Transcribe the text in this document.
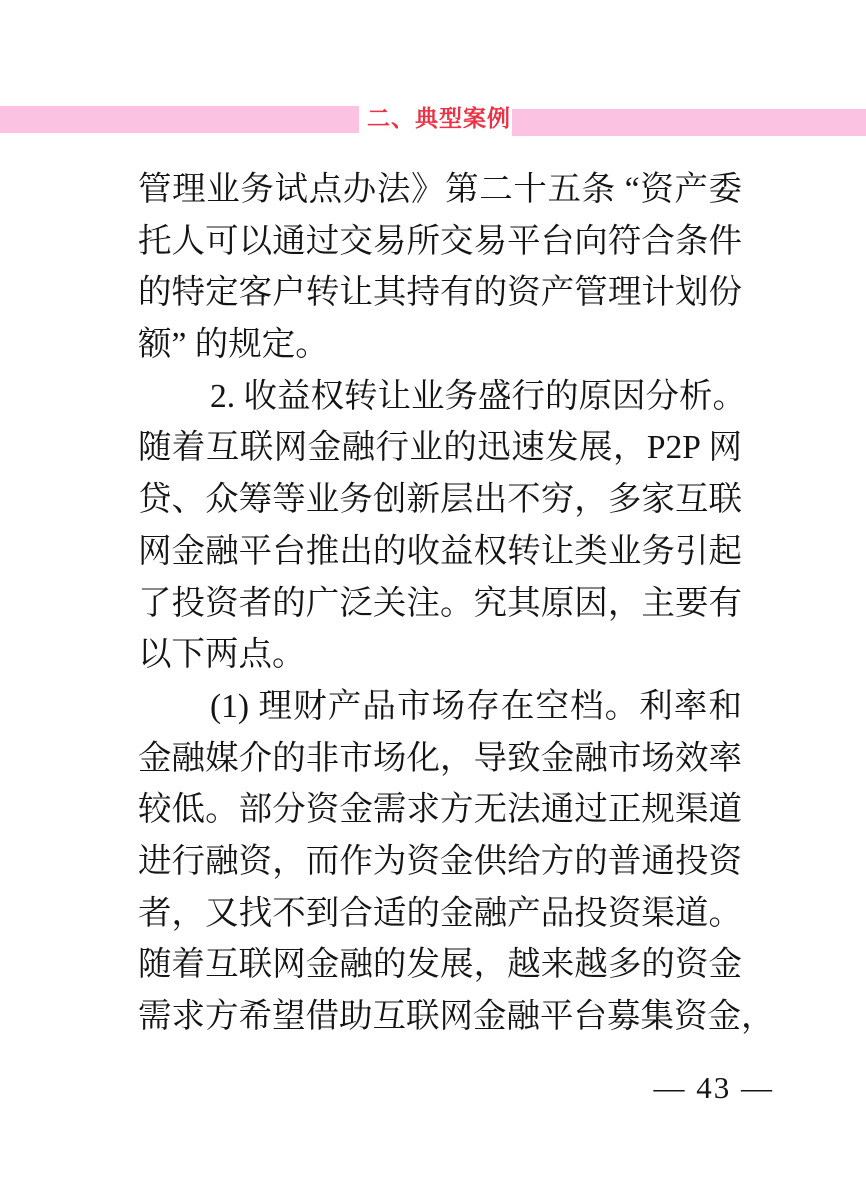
二、典型案例
管理业务试点办法》第二十五条 “资产委
托人可以通过交易所交易平台向符合条件
的特定客户转让其持有的资产管理计划份
额” 的规定。
2. 收益权转让业务盛行的原因分析。
随着互联网金融行业的迅速发展，P2P 网
贷、众筹等业务创新层出不穷，多家互联
网金融平台推出的收益权转让类业务引起
了投资者的广泛关注。究其原因，主要有
以下两点。
(1) 理财产品市场存在空档。利率和
金融媒介的非市场化，导致金融市场效率
较低。部分资金需求方无法通过正规渠道
进行融资，而作为资金供给方的普通投资
者，又找不到合适的金融产品投资渠道。
随着互联网金融的发展，越来越多的资金
需求方希望借助互联网金融平台募集资金，
— 43 —
